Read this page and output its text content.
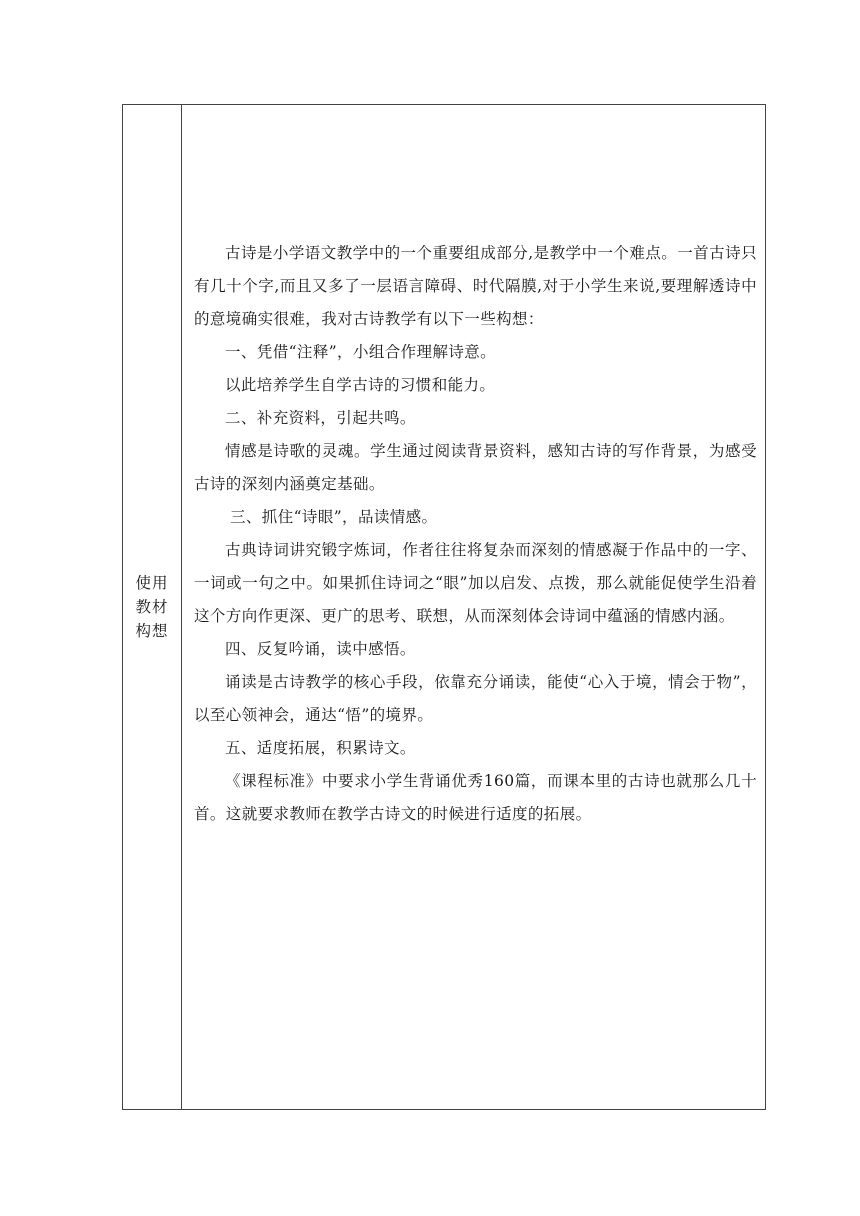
使用
教材
构想

古诗是小学语文教学中的一个重要组成部分,是教学中一个难点。一首古诗只有几十个字,而且又多了一层语言障碍、时代隔膜,对于小学生来说,要理解透诗中的意境确实很难，我对古诗教学有以下一些构想：

一、凭借“注释”，小组合作理解诗意。

以此培养学生自学古诗的习惯和能力。

二、补充资料，引起共鸣。

情感是诗歌的灵魂。学生通过阅读背景资料，感知古诗的写作背景，为感受古诗的深刻内涵奠定基础。

三、抓住“诗眼”，品读情感。

古典诗词讲究锻字炼词，作者往往将复杂而深刻的情感凝于作品中的一字、一词或一句之中。如果抓住诗词之“眼”加以启发、点拨，那么就能促使学生沿着这个方向作更深、更广的思考、联想，从而深刻体会诗词中蕴涵的情感内涵。

四、反复吟诵，读中感悟。

诵读是古诗教学的核心手段，依靠充分诵读，能使“心入于境，情会于物”，以至心领神会，通达“悟”的境界。

五、适度拓展，积累诗文。

《课程标准》中要求小学生背诵优秀160篇，而课本里的古诗也就那么几十首。这就要求教师在教学古诗文的时候进行适度的拓展。
